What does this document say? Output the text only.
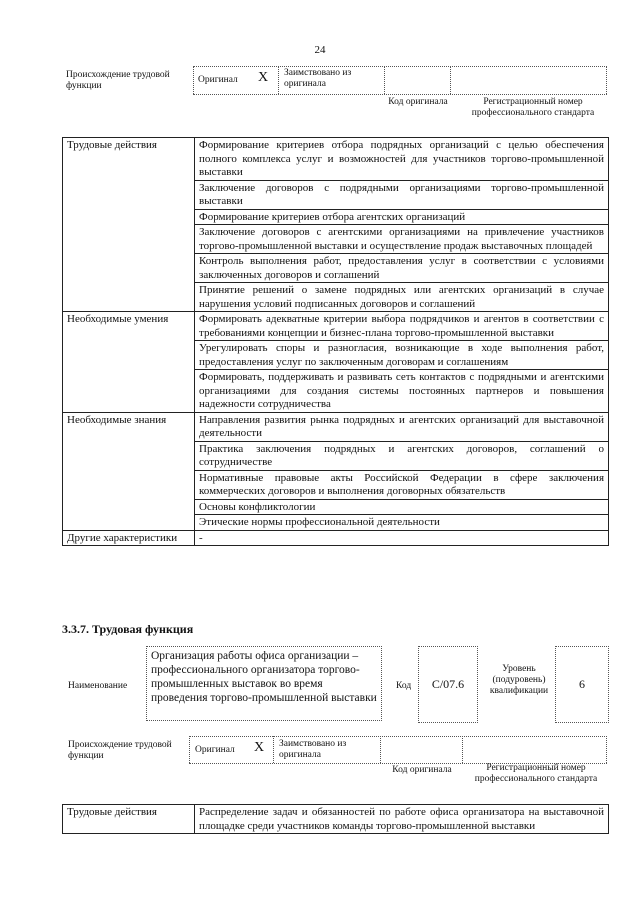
24
Происхождение трудовой функции
Оригинал X Заимствовано из оригинала
Код оригинала	Регистрационный номер профессионального стандарта
Трудовые действия	Формирование критериев отбора подрядных организаций с целью обеспечения полного комплекса услуг и возможностей для участников торгово-промышленной выставки
	Заключение договоров с подрядными организациями торгово-промышленной выставки
	Формирование критериев отбора агентских организаций
	Заключение договоров с агентскими организациями на привлечение участников торгово-промышленной выставки и осуществление продаж выставочных площадей
	Контроль выполнения работ, предоставления услуг в соответствии с условиями заключенных договоров и соглашений
	Принятие решений о замене подрядных или агентских организаций в случае нарушения условий подписанных договоров и соглашений
Необходимые умения	Формировать адекватные критерии выбора подрядчиков и агентов в соответствии с требованиями концепции и бизнес-плана торгово-промышленной выставки
	Урегулировать споры и разногласия, возникающие в ходе выполнения работ, предоставления услуг по заключенным договорам и соглашениям
	Формировать, поддерживать и развивать сеть контактов с подрядными и агентскими организациями для создания системы постоянных партнеров и повышения надежности сотрудничества
Необходимые знания	Направления развития рынка подрядных и агентских организаций для выставочной деятельности
	Практика заключения подрядных и агентских договоров, соглашений о сотрудничестве
	Нормативные правовые акты Российской Федерации в сфере заключения коммерческих договоров и выполнения договорных обязательств
	Основы конфликтологии
	Этические нормы профессиональной деятельности
Другие характеристики	-
3.3.7. Трудовая функция
Наименование
Организация работы офиса организации – профессионального организатора торгово-промышленных выставок во время проведения торгово-промышленной выставки
Код	С/07.6
Уровень (подуровень) квалификации	6
Происхождение трудовой функции
Оригинал X Заимствовано из оригинала
Код оригинала	Регистрационный номер профессионального стандарта
Трудовые действия	Распределение задач и обязанностей по работе офиса организатора на выставочной площадке среди участников команды торгово-промышленной выставки
